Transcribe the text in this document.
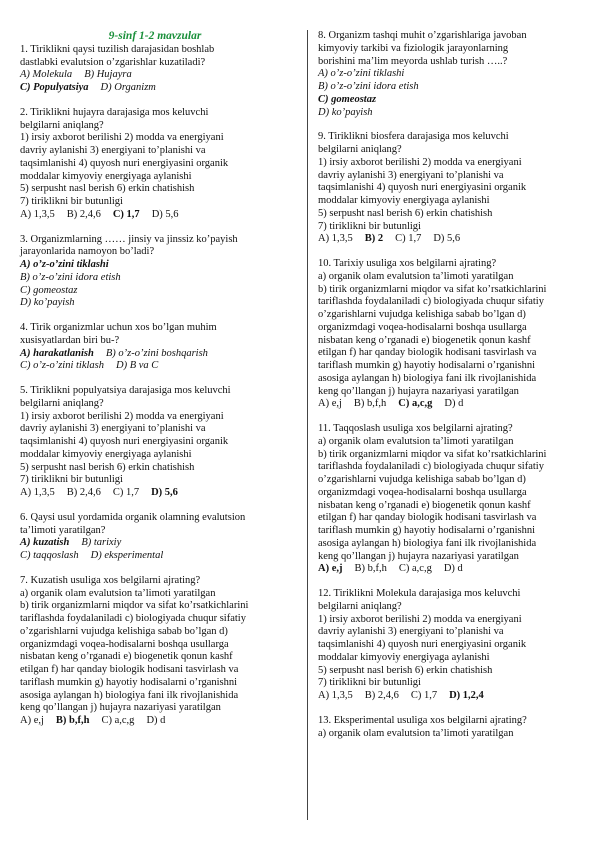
9-sinf 1-2 mavzular
1. Tiriklikni qaysi tuzilish darajasidan boshlab
dastlabki evalutsion o’zgarishlar kuzatiladi?
A) Molekula B) Hujayra
C) Populyatsiya D) Organizm
2. Tiriklikni hujayra darajasiga mos keluvchi
belgilarni aniqlang?
1) irsiy axborot berilishi 2) modda va energiyani
davriy aylanishi 3) energiyani to’planishi va
taqsimlanishi 4) quyosh nuri energiyasini organik
moddalar kimyoviy energiyaga aylanishi
5) serpusht nasl berish 6) erkin chatishish
7) tiriklikni bir butunligi
A) 1,3,5 B) 2,4,6 C) 1,7 D) 5,6
3. Organizmlarning …… jinsiy va jinssiz ko’payish
jarayonlarida namoyon bo’ladi?
A) o’z-o’zini tiklashi
B) o’z-o’zini idora etish
C) gomeostaz
D) ko’payish
4. Tirik organizmlar uchun xos bo’lgan muhim
xusisyatlardan biri bu-?
A) harakatlanish B) o’z-o’zini boshqarish
C) o’z-o’zini tiklash D) B va C
5. Tiriklikni populyatsiya darajasiga mos keluvchi
belgilarni aniqlang?
1) irsiy axborot berilishi 2) modda va energiyani
davriy aylanishi 3) energiyani to’planishi va
taqsimlanishi 4) quyosh nuri energiyasini organik
moddalar kimyoviy energiyaga aylanishi
5) serpusht nasl berish 6) erkin chatishish
7) tiriklikni bir butunligi
A) 1,3,5 B) 2,4,6 C) 1,7 D) 5,6
6. Qaysi usul yordamida organik olamning evalutsion
ta’limoti yaratilgan?
A) kuzatish B) tarixiy
C) taqqoslash D) eksperimental
7. Kuzatish usuliga xos belgilarni ajrating?
a) organik olam evalutsion ta’limoti yaratilgan
b) tirik organizmlarni miqdor va sifat ko’rsatkichlarini
tariflashda foydalaniladi c) biologiyada chuqur sifatiy
o’zgarishlarni vujudga kelishiga sabab bo’lgan d)
organizmdagi voqea-hodisalarni boshqa usullarga
nisbatan keng o’rganadi e) biogenetik qonun kashf
etilgan f) har qanday biologik hodisani tasvirlash va
tariflash mumkin g) hayotiy hodisalarni o’rganishni
asosiga aylangan h) biologiya fani ilk rivojlanishida
keng qo’llangan j) hujayra nazariyasi yaratilgan
A) e,j B) b,f,h C) a,c,g D) d
8. Organizm tashqi muhit o’zgarishlariga javoban
kimyoviy tarkibi va fiziologik jarayonlarning
borishini ma’lim meyorda ushlab turish …..?
A) o’z-o’zini tiklashi
B) o’z-o’zini idora etish
C) gomeostaz
D) ko’payish
9. Tiriklikni biosfera darajasiga mos keluvchi
belgilarni aniqlang?
1) irsiy axborot berilishi 2) modda va energiyani
davriy aylanishi 3) energiyani to’planishi va
taqsimlanishi 4) quyosh nuri energiyasini organik
moddalar kimyoviy energiyaga aylanishi
5) serpusht nasl berish 6) erkin chatishish
7) tiriklikni bir butunligi
A) 1,3,5 B) 2 C) 1,7 D) 5,6
10. Tarixiy usuliga xos belgilarni ajrating?
a) organik olam evalutsion ta’limoti yaratilgan
b) tirik organizmlarni miqdor va sifat ko’rsatkichlarini
tariflashda foydalaniladi c) biologiyada chuqur sifatiy
o’zgarishlarni vujudga kelishiga sabab bo’lgan d)
organizmdagi voqea-hodisalarni boshqa usullarga
nisbatan keng o’rganadi e) biogenetik qonun kashf
etilgan f) har qanday biologik hodisani tasvirlash va
tariflash mumkin g) hayotiy hodisalarni o’rganishni
asosiga aylangan h) biologiya fani ilk rivojlanishida
keng qo’llangan j) hujayra nazariyasi yaratilgan
A) e,j B) b,f,h C) a,c,g D) d
11. Taqqoslash usuliga xos belgilarni ajrating?
a) organik olam evalutsion ta’limoti yaratilgan
b) tirik organizmlarni miqdor va sifat ko’rsatkichlarini
tariflashda foydalaniladi c) biologiyada chuqur sifatiy
o’zgarishlarni vujudga kelishiga sabab bo’lgan d)
organizmdagi voqea-hodisalarni boshqa usullarga
nisbatan keng o’rganadi e) biogenetik qonun kashf
etilgan f) har qanday biologik hodisani tasvirlash va
tariflash mumkin g) hayotiy hodisalarni o’rganishni
asosiga aylangan h) biologiya fani ilk rivojlanishida
keng qo’llangan j) hujayra nazariyasi yaratilgan
A) e,j B) b,f,h C) a,c,g D) d
12. Tiriklikni Molekula darajasiga mos keluvchi
belgilarni aniqlang?
1) irsiy axborot berilishi 2) modda va energiyani
davriy aylanishi 3) energiyani to’planishi va
taqsimlanishi 4) quyosh nuri energiyasini organik
moddalar kimyoviy energiyaga aylanishi
5) serpusht nasl berish 6) erkin chatishish
7) tiriklikni bir butunligi
A) 1,3,5 B) 2,4,6 C) 1,7 D) 1,2,4
13. Eksperimental usuliga xos belgilarni ajrating?
a) organik olam evalutsion ta’limoti yaratilgan
